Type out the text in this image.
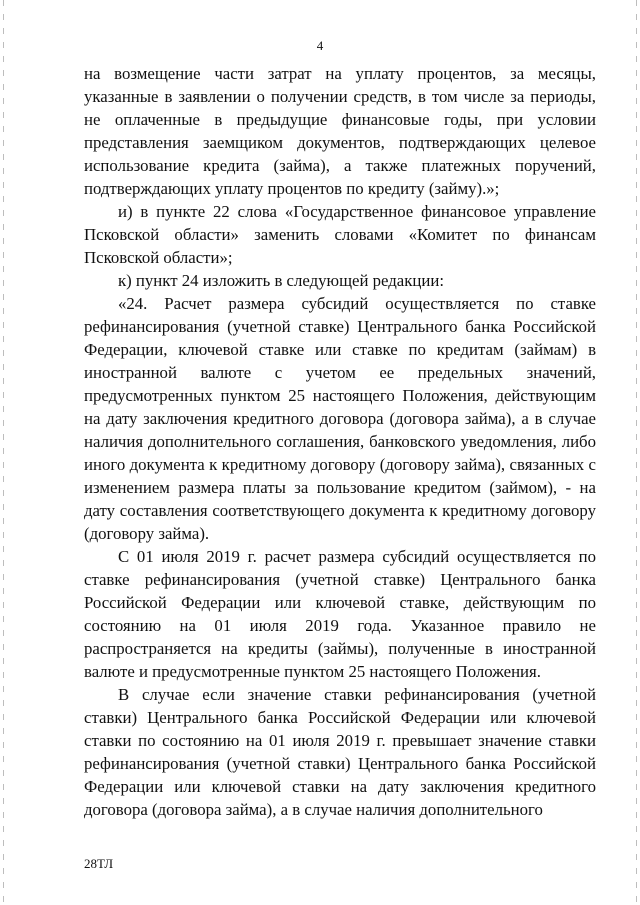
4

на возмещение части затрат на уплату процентов, за месяцы, указанные в заявлении о получении средств, в том числе за периоды, не оплаченные в предыдущие финансовые годы, при условии представления заемщиком документов, подтверждающих целевое использование кредита (займа), а также платежных поручений, подтверждающих уплату процентов по кредиту (займу).»;

и) в пункте 22 слова «Государственное финансовое управление Псковской области» заменить словами «Комитет по финансам Псковской области»;

к) пункт 24 изложить в следующей редакции:

«24. Расчет размера субсидий осуществляется по ставке рефинансирования (учетной ставке) Центрального банка Российской Федерации, ключевой ставке или ставке по кредитам (займам) в иностранной валюте с учетом ее предельных значений, предусмотренных пунктом 25 настоящего Положения, действующим на дату заключения кредитного договора (договора займа), а в случае наличия дополнительного соглашения, банковского уведомления, либо иного документа к кредитному договору (договору займа), связанных с изменением размера платы за пользование кредитом (займом), - на дату составления соответствующего документа к кредитному договору (договору займа).

С 01 июля 2019 г. расчет размера субсидий осуществляется по ставке рефинансирования (учетной ставке) Центрального банка Российской Федерации или ключевой ставке, действующим по состоянию на 01 июля 2019 года. Указанное правило не распространяется на кредиты (займы), полученные в иностранной валюте и предусмотренные пунктом 25 настоящего Положения.

В случае если значение ставки рефинансирования (учетной ставки) Центрального банка Российской Федерации или ключевой ставки по состоянию на 01 июля 2019 г. превышает значение ставки рефинансирования (учетной ставки) Центрального банка Российской Федерации или ключевой ставки на дату заключения кредитного договора (договора займа), а в случае наличия дополнительного

28ТЛ
